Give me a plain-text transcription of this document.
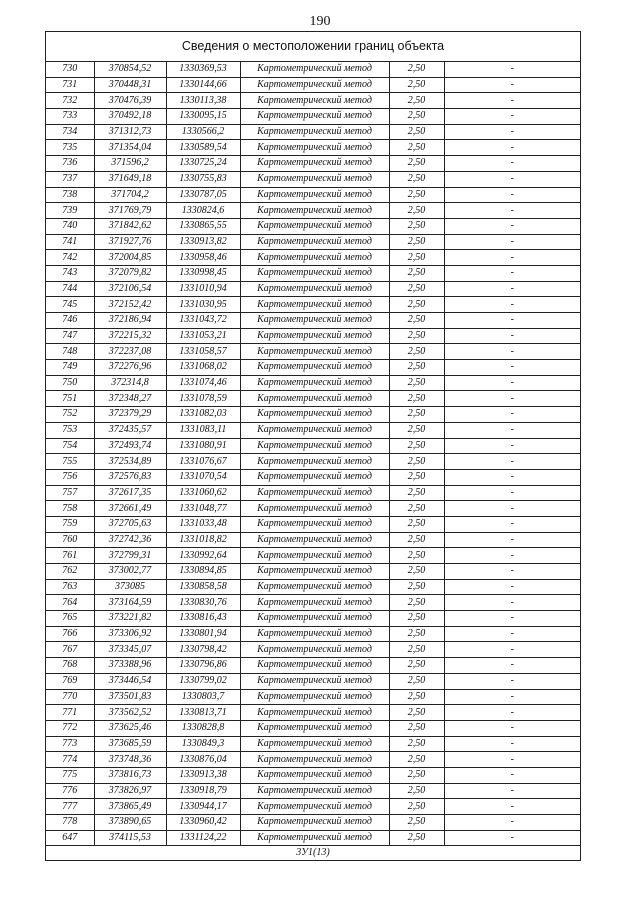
190
Сведения о местоположении границ объекта
730	370854,52	1330369,53	Картометрический метод	2,50	-
731	370448,31	1330144,66	Картометрический метод	2,50	-
732	370476,39	1330113,38	Картометрический метод	2,50	-
733	370492,18	1330095,15	Картометрический метод	2,50	-
734	371312,73	1330566,2	Картометрический метод	2,50	-
735	371354,04	1330589,54	Картометрический метод	2,50	-
736	371596,2	1330725,24	Картометрический метод	2,50	-
737	371649,18	1330755,83	Картометрический метод	2,50	-
738	371704,2	1330787,05	Картометрический метод	2,50	-
739	371769,79	1330824,6	Картометрический метод	2,50	-
740	371842,62	1330865,55	Картометрический метод	2,50	-
741	371927,76	1330913,82	Картометрический метод	2,50	-
742	372004,85	1330958,46	Картометрический метод	2,50	-
743	372079,82	1330998,45	Картометрический метод	2,50	-
744	372106,54	1331010,94	Картометрический метод	2,50	-
745	372152,42	1331030,95	Картометрический метод	2,50	-
746	372186,94	1331043,72	Картометрический метод	2,50	-
747	372215,32	1331053,21	Картометрический метод	2,50	-
748	372237,08	1331058,57	Картометрический метод	2,50	-
749	372276,96	1331068,02	Картометрический метод	2,50	-
750	372314,8	1331074,46	Картометрический метод	2,50	-
751	372348,27	1331078,59	Картометрический метод	2,50	-
752	372379,29	1331082,03	Картометрический метод	2,50	-
753	372435,57	1331083,11	Картометрический метод	2,50	-
754	372493,74	1331080,91	Картометрический метод	2,50	-
755	372534,89	1331076,67	Картометрический метод	2,50	-
756	372576,83	1331070,54	Картометрический метод	2,50	-
757	372617,35	1331060,62	Картометрический метод	2,50	-
758	372661,49	1331048,77	Картометрический метод	2,50	-
759	372705,63	1331033,48	Картометрический метод	2,50	-
760	372742,36	1331018,82	Картометрический метод	2,50	-
761	372799,31	1330992,64	Картометрический метод	2,50	-
762	373002,77	1330894,85	Картометрический метод	2,50	-
763	373085	1330858,58	Картометрический метод	2,50	-
764	373164,59	1330830,76	Картометрический метод	2,50	-
765	373221,82	1330816,43	Картометрический метод	2,50	-
766	373306,92	1330801,94	Картометрический метод	2,50	-
767	373345,07	1330798,42	Картометрический метод	2,50	-
768	373388,96	1330796,86	Картометрический метод	2,50	-
769	373446,54	1330799,02	Картометрический метод	2,50	-
770	373501,83	1330803,7	Картометрический метод	2,50	-
771	373562,52	1330813,71	Картометрический метод	2,50	-
772	373625,46	1330828,8	Картометрический метод	2,50	-
773	373685,59	1330849,3	Картометрический метод	2,50	-
774	373748,36	1330876,04	Картометрический метод	2,50	-
775	373816,73	1330913,38	Картометрический метод	2,50	-
776	373826,97	1330918,79	Картометрический метод	2,50	-
777	373865,49	1330944,17	Картометрический метод	2,50	-
778	373890,65	1330960,42	Картометрический метод	2,50	-
647	374115,53	1331124,22	Картометрический метод	2,50	-
3У1(13)
